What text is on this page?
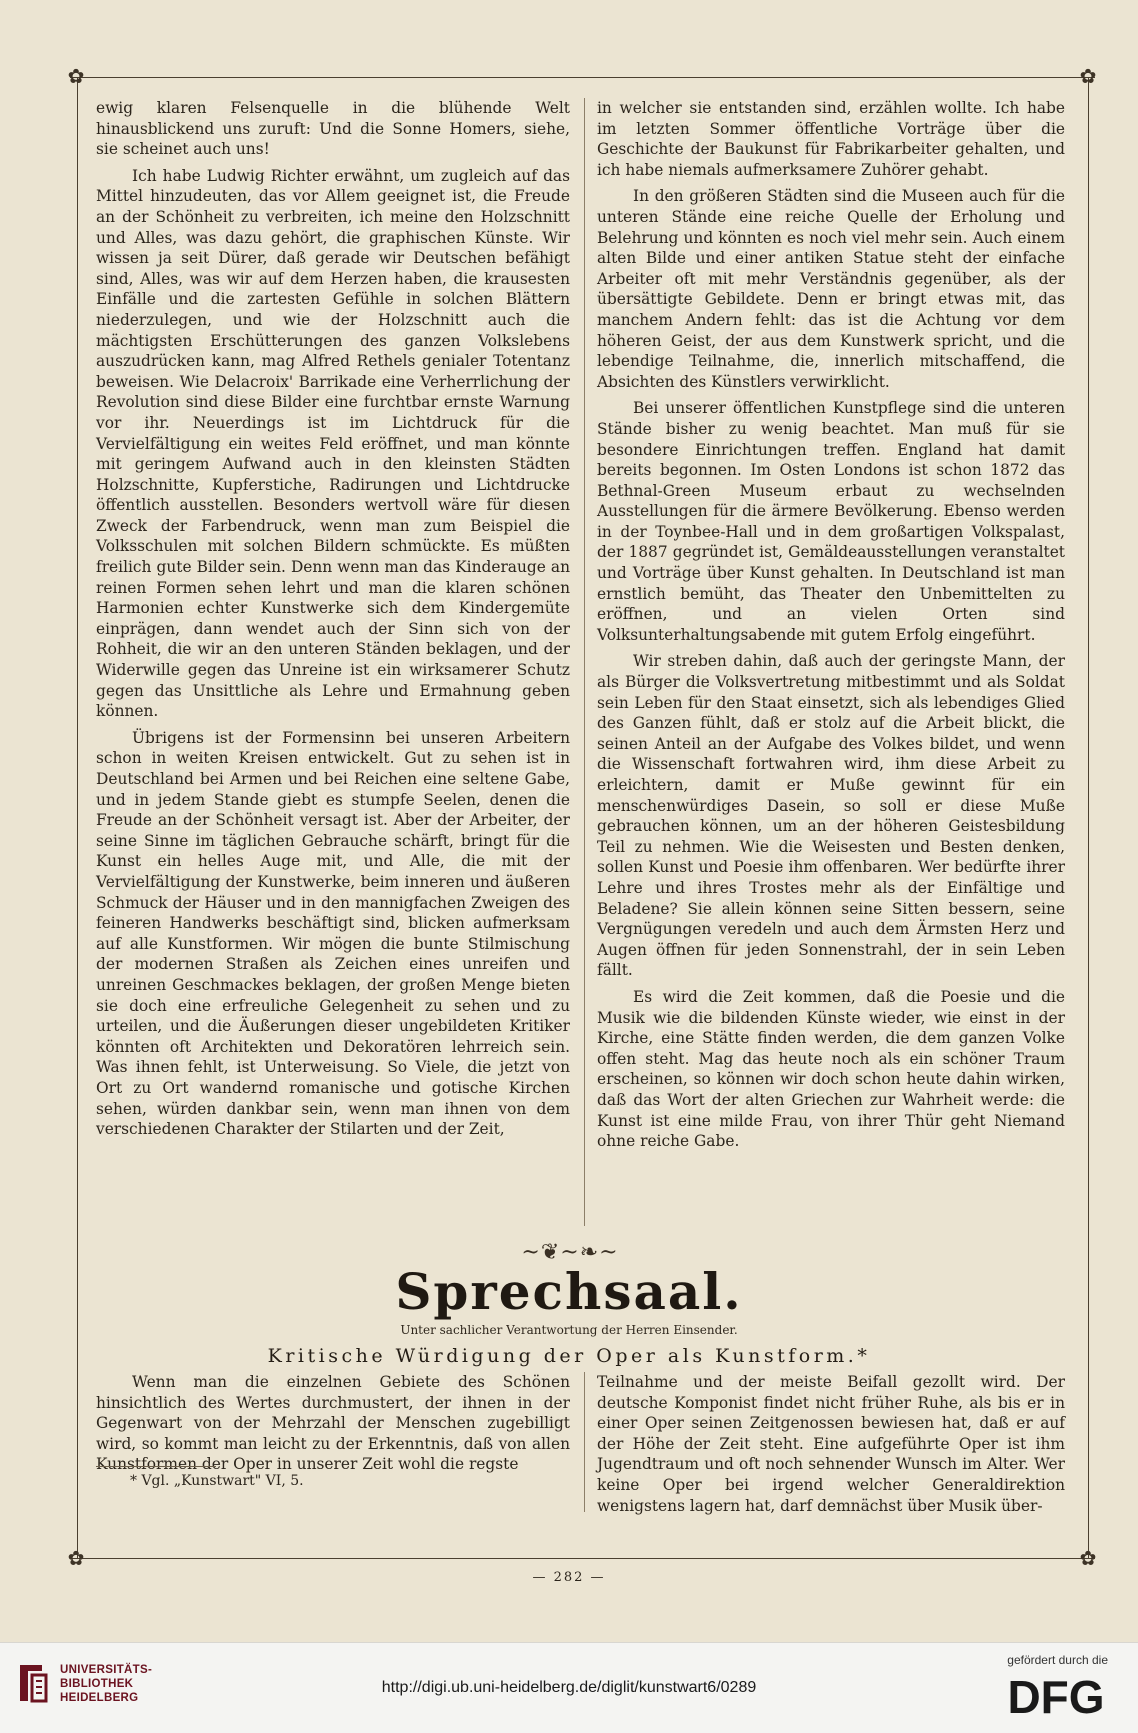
✿	✿
✿	✿

ewig klaren Felsenquelle in die blühende Welt hinausblickend uns zuruft: Und die Sonne Homers, siehe, sie scheinet auch uns!

Ich habe Ludwig Richter erwähnt, um zugleich auf das Mittel hinzudeuten, das vor Allem geeignet ist, die Freude an der Schönheit zu verbreiten, ich meine den Holzschnitt und Alles, was dazu gehört, die graphischen Künste. Wir wissen ja seit Dürer, daß gerade wir Deutschen befähigt sind, Alles, was wir auf dem Herzen haben, die krausesten Einfälle und die zartesten Gefühle in solchen Blättern niederzulegen, und wie der Holzschnitt auch die mächtigsten Erschütterungen des ganzen Volkslebens auszudrücken kann, mag Alfred Rethels genialer Totentanz beweisen. Wie Delacroix' Barrikade eine Verherrlichung der Revolution sind diese Bilder eine furchtbar ernste Warnung vor ihr. Neuerdings ist im Lichtdruck für die Vervielfältigung ein weites Feld eröffnet, und man könnte mit geringem Aufwand auch in den kleinsten Städten Holzschnitte, Kupferstiche, Radirungen und Lichtdrucke öffentlich ausstellen. Besonders wertvoll wäre für diesen Zweck der Farbendruck, wenn man zum Beispiel die Volksschulen mit solchen Bildern schmückte. Es müßten freilich gute Bilder sein. Denn wenn man das Kinderauge an reinen Formen sehen lehrt und man die klaren schönen Harmonien echter Kunstwerke sich dem Kindergemüte einprägen, dann wendet auch der Sinn sich von der Rohheit, die wir an den unteren Ständen beklagen, und der Widerwille gegen das Unreine ist ein wirksamerer Schutz gegen das Unsittliche als Lehre und Ermahnung geben können.

Übrigens ist der Formensinn bei unseren Arbeitern schon in weiten Kreisen entwickelt. Gut zu sehen ist in Deutschland bei Armen und bei Reichen eine seltene Gabe, und in jedem Stande giebt es stumpfe Seelen, denen die Freude an der Schönheit versagt ist. Aber der Arbeiter, der seine Sinne im täglichen Gebrauche schärft, bringt für die Kunst ein helles Auge mit, und Alle, die mit der Vervielfältigung der Kunstwerke, beim inneren und äußeren Schmuck der Häuser und in den mannigfachen Zweigen des feineren Handwerks beschäftigt sind, blicken aufmerksam auf alle Kunstformen. Wir mögen die bunte Stilmischung der modernen Straßen als Zeichen eines unreifen und unreinen Geschmackes beklagen, der großen Menge bieten sie doch eine erfreuliche Gelegenheit zu sehen und zu urteilen, und die Äußerungen dieser ungebildeten Kritiker könnten oft Architekten und Dekoratören lehrreich sein. Was ihnen fehlt, ist Unterweisung. So Viele, die jetzt von Ort zu Ort wandernd romanische und gotische Kirchen sehen, würden dankbar sein, wenn man ihnen von dem verschiedenen Charakter der Stilarten und der Zeit,

in welcher sie entstanden sind, erzählen wollte. Ich habe im letzten Sommer öffentliche Vorträge über die Geschichte der Baukunst für Fabrikarbeiter gehalten, und ich habe niemals aufmerksamere Zuhörer gehabt.

In den größeren Städten sind die Museen auch für die unteren Stände eine reiche Quelle der Erholung und Belehrung und könnten es noch viel mehr sein. Auch einem alten Bilde und einer antiken Statue steht der einfache Arbeiter oft mit mehr Verständnis gegenüber, als der übersättigte Gebildete. Denn er bringt etwas mit, das manchem Andern fehlt: das ist die Achtung vor dem höheren Geist, der aus dem Kunstwerk spricht, und die lebendige Teilnahme, die, innerlich mitschaffend, die Absichten des Künstlers verwirklicht.

Bei unserer öffentlichen Kunstpflege sind die unteren Stände bisher zu wenig beachtet. Man muß für sie besondere Einrichtungen treffen. England hat damit bereits begonnen. Im Osten Londons ist schon 1872 das Bethnal-Green Museum erbaut zu wechselnden Ausstellungen für die ärmere Bevölkerung. Ebenso werden in der Toynbee-Hall und in dem großartigen Volkspalast, der 1887 gegründet ist, Gemäldeausstellungen veranstaltet und Vorträge über Kunst gehalten. In Deutschland ist man ernstlich bemüht, das Theater den Unbemittelten zu eröffnen, und an vielen Orten sind Volksunterhaltungsabende mit gutem Erfolg eingeführt.

Wir streben dahin, daß auch der geringste Mann, der als Bürger die Volksvertretung mitbestimmt und als Soldat sein Leben für den Staat einsetzt, sich als lebendiges Glied des Ganzen fühlt, daß er stolz auf die Arbeit blickt, die seinen Anteil an der Aufgabe des Volkes bildet, und wenn die Wissenschaft fortwahren wird, ihm diese Arbeit zu erleichtern, damit er Muße gewinnt für ein menschenwürdiges Dasein, so soll er diese Muße gebrauchen können, um an der höheren Geistesbildung Teil zu nehmen. Wie die Weisesten und Besten denken, sollen Kunst und Poesie ihm offenbaren. Wer bedürfte ihrer Lehre und ihres Trostes mehr als der Einfältige und Beladene? Sie allein können seine Sitten bessern, seine Vergnügungen veredeln und auch dem Ärmsten Herz und Augen öffnen für jeden Sonnenstrahl, der in sein Leben fällt.

Es wird die Zeit kommen, daß die Poesie und die Musik wie die bildenden Künste wieder, wie einst in der Kirche, eine Stätte finden werden, die dem ganzen Volke offen steht. Mag das heute noch als ein schöner Traum erscheinen, so können wir doch schon heute dahin wirken, daß das Wort der alten Griechen zur Wahrheit werde: die Kunst ist eine milde Frau, von ihrer Thür geht Niemand ohne reiche Gabe.

~❦~❧~
Sprechsaal.
Unter sachlicher Verantwortung der Herren Einsender.
Kritische Würdigung der Oper als Kunstform.*

Wenn man die einzelnen Gebiete des Schönen hinsichtlich des Wertes durchmustert, der ihnen in der Gegenwart von der Mehrzahl der Menschen zugebilligt wird, so kommt man leicht zu der Erkenntnis, daß von allen Kunstformen der Oper in unserer Zeit wohl die regste

Teilnahme und der meiste Beifall gezollt wird. Der deutsche Komponist findet nicht früher Ruhe, als bis er in einer Oper seinen Zeitgenossen bewiesen hat, daß er auf der Höhe der Zeit steht. Eine aufgeführte Oper ist ihm Jugendtraum und oft noch sehnender Wunsch im Alter. Wer keine Oper bei irgend welcher Generaldirektion wenigstens lagern hat, darf demnächst über Musik über-

* Vgl. „Kunstwart" VI, 5.
— 282 —
UNIVERSITÄTS-
BIBLIOTHEK
HEIDELBERG
http://digi.ub.uni-heidelberg.de/diglit/kunstwart6/0289
gefördert durch die
DFG
